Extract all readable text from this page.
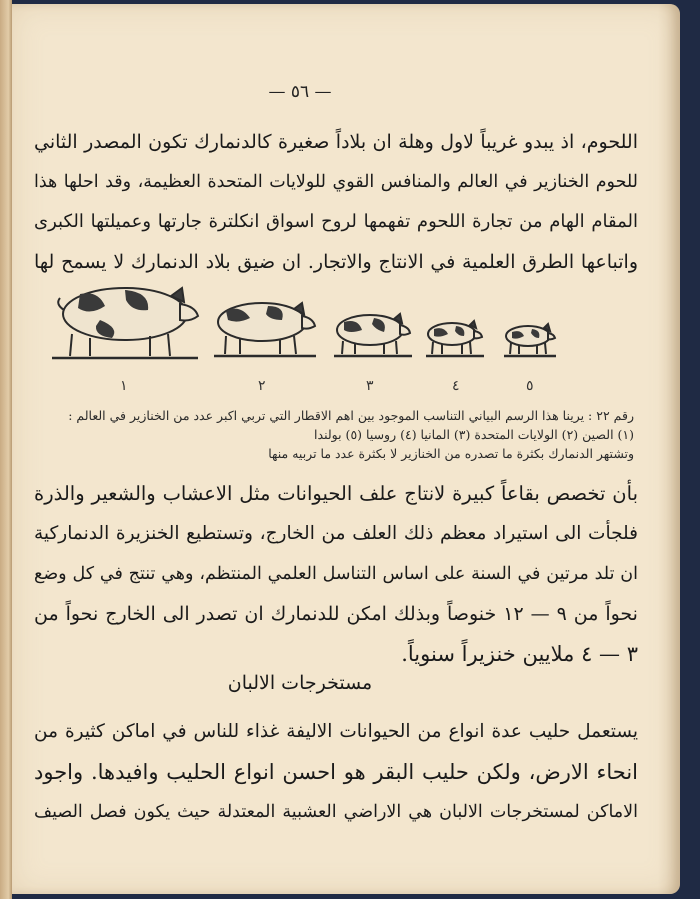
— ٥٦ —
اللحوم، اذ يبدو غريباً لاول وهلة ان بلاداً صغيرة كالدنمارك تكون المصدر الثاني
للحوم الخنازير في العالم والمنافس القوي للولايات المتحدة العظيمة، وقد احلها هذا
المقام الهام من تجارة اللحوم تفهمها لروح اسواق انكلترة جارتها وعميلتها الكبرى
واتباعها الطرق العلمية في الانتاج والاتجار. ان ضيق بلاد الدنمارك لا يسمح لها
١	٢	٣	٤	٥
رقم ٢٢ : يرينا هذا الرسم البياني التناسب الموجود بين اهم الاقطار التي تربي اكبر عدد من الخنازير في العالم :
(١) الصين (٢) الولايات المتحدة (٣) المانيا (٤) روسيا (٥) بولندا
وتشتهر الدنمارك بكثرة ما تصدره من الخنازير لا بكثرة عدد ما تربيه منها
بأن تخصص بقاعاً كبيرة لانتاج علف الحيوانات مثل الاعشاب والشعير والذرة
فلجأت الى استيراد معظم ذلك العلف من الخارج، وتستطيع الخنزيرة الدنماركية
ان تلد مرتين في السنة على اساس التناسل العلمي المنتظم، وهي تنتج في كل وضع
نحواً من ٩ — ١٢ خنوصاً وبذلك امكن للدنمارك ان تصدر الى الخارج نحواً من
٣ — ٤ ملايين خنزيراً سنوياً.
مستخرجات الالبان
يستعمل حليب عدة انواع من الحيوانات الاليفة غذاء للناس في اماكن كثيرة من
انحاء الارض، ولكن حليب البقر هو احسن انواع الحليب وافيدها. واجود
الاماكن لمستخرجات الالبان هي الاراضي العشبية المعتدلة حيث يكون فصل الصيف
